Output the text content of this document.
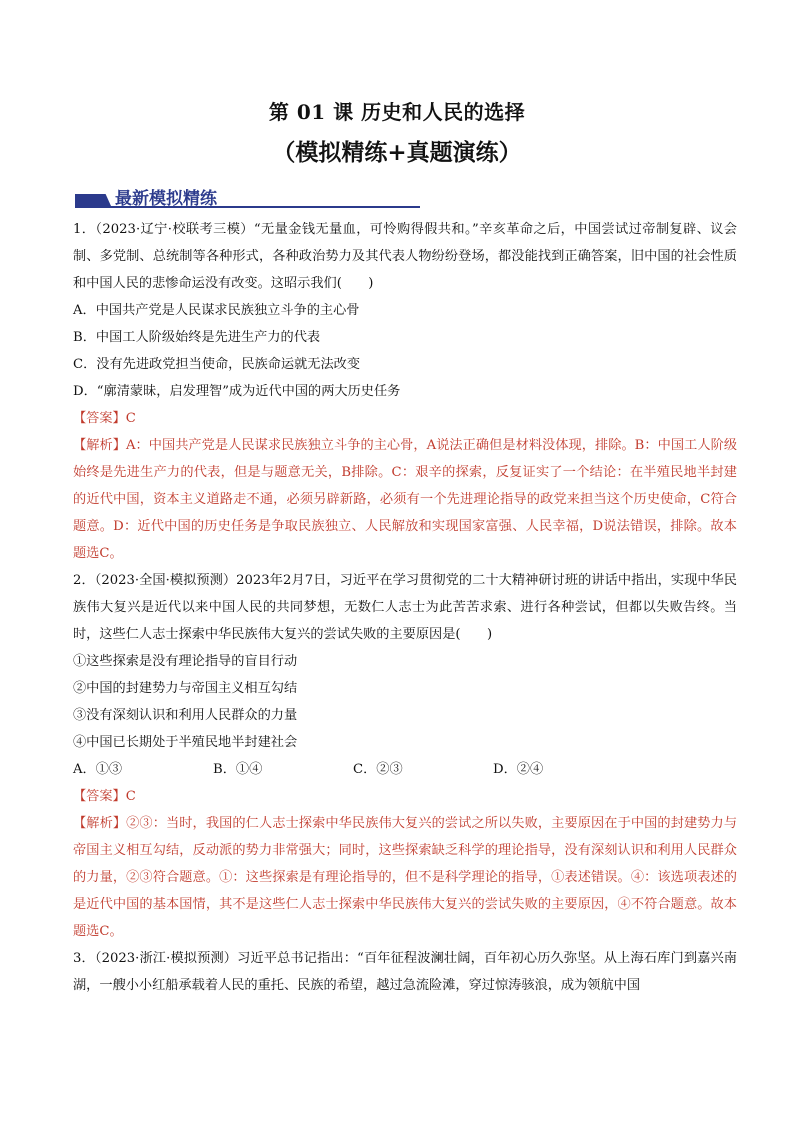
第 01 课 历史和人民的选择
（模拟精练+真题演练）
最新模拟精练

1．（2023·辽宁·校联考三模）“无量金钱无量血，可怜购得假共和。”辛亥革命之后，中国尝试过帝制复辟、议会制、多党制、总统制等各种形式，各种政治势力及其代表人物纷纷登场，都没能找到正确答案，旧中国的社会性质和中国人民的悲惨命运没有改变。这昭示我们(　　)

A．中国共产党是人民谋求民族独立斗争的主心骨

B．中国工人阶级始终是先进生产力的代表

C．没有先进政党担当使命，民族命运就无法改变

D．“廓清蒙昧，启发理智”成为近代中国的两大历史任务

【答案】C

【解析】A：中国共产党是人民谋求民族独立斗争的主心骨，A说法正确但是材料没体现，排除。B：中国工人阶级始终是先进生产力的代表，但是与题意无关，B排除。C：艰辛的探索，反复证实了一个结论：在半殖民地半封建的近代中国，资本主义道路走不通，必须另辟新路，必须有一个先进理论指导的政党来担当这个历史使命，C符合题意。D：近代中国的历史任务是争取民族独立、人民解放和实现国家富强、人民幸福，D说法错误，排除。故本题选C。

2．（2023·全国·模拟预测）2023年2月7日，习近平在学习贯彻党的二十大精神研讨班的讲话中指出，实现中华民族伟大复兴是近代以来中国人民的共同梦想，无数仁人志士为此苦苦求索、进行各种尝试，但都以失败告终。当时，这些仁人志士探索中华民族伟大复兴的尝试失败的主要原因是(　　)

①这些探索是没有理论指导的盲目行动

②中国的封建势力与帝国主义相互勾结

③没有深刻认识和利用人民群众的力量

④中国已长期处于半殖民地半封建社会

A．①③	B．①④	C．②③	D．②④

【答案】C

【解析】②③：当时，我国的仁人志士探索中华民族伟大复兴的尝试之所以失败，主要原因在于中国的封建势力与帝国主义相互勾结，反动派的势力非常强大；同时，这些探索缺乏科学的理论指导，没有深刻认识和利用人民群众的力量，②③符合题意。①：这些探索是有理论指导的，但不是科学理论的指导，①表述错误。④：该选项表述的是近代中国的基本国情，其不是这些仁人志士探索中华民族伟大复兴的尝试失败的主要原因，④不符合题意。故本题选C。

3．（2023·浙江·模拟预测）习近平总书记指出：“百年征程波澜壮阔，百年初心历久弥坚。从上海石库门到嘉兴南湖，一艘小小红船承载着人民的重托、民族的希望，越过急流险滩，穿过惊涛骇浪，成为领航中国
